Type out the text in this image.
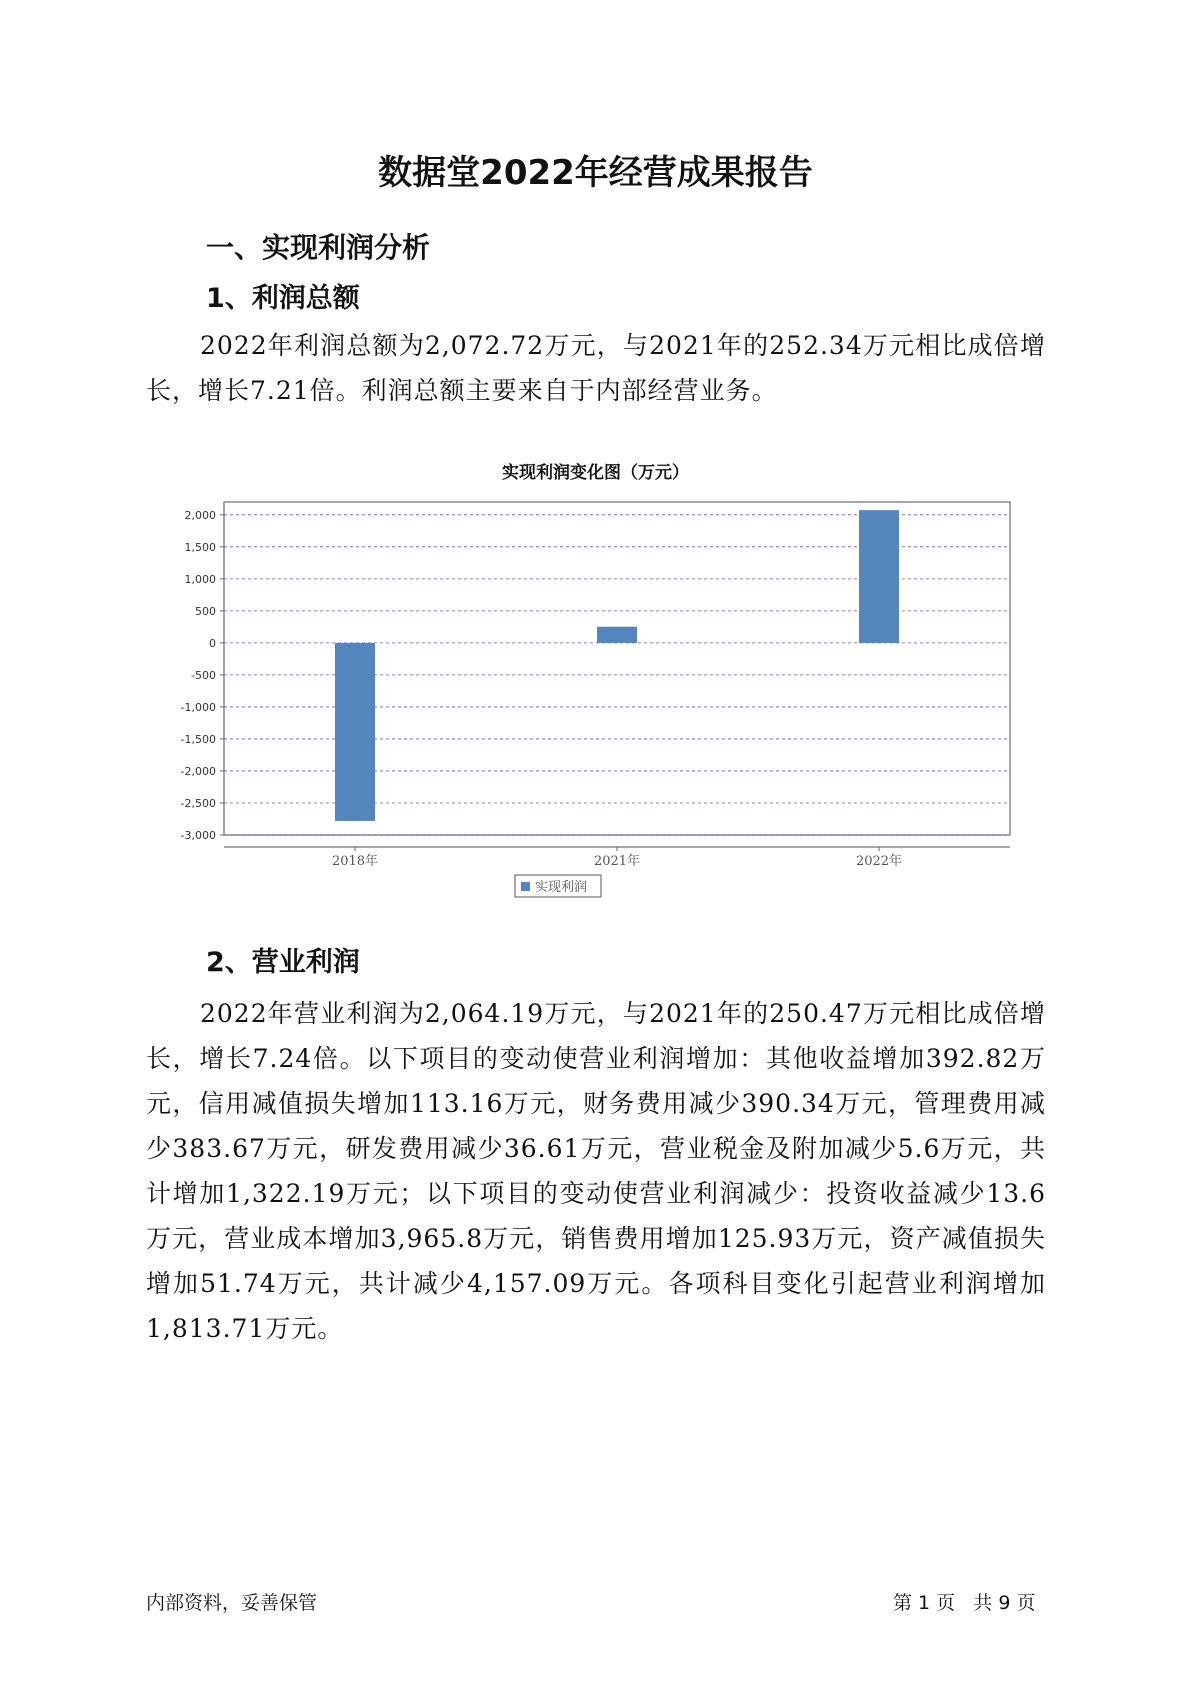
数据堂2022年经营成果报告
一、实现利润分析
1、利润总额
2022年利润总额为2,072.72万元，与2021年的252.34万元相比成倍增长，增长7.21倍。利润总额主要来自于内部经营业务。
实现利润变化图（万元）
2,000
1,500
1,000
500
0
-500
-1,000
-1,500
-2,000
-2,500
-3,000
2018年	2021年	2022年
实现利润
2、营业利润
2022年营业利润为2,064.19万元，与2021年的250.47万元相比成倍增长，增长7.24倍。以下项目的变动使营业利润增加：其他收益增加392.82万元，信用减值损失增加113.16万元，财务费用减少390.34万元，管理费用减少383.67万元，研发费用减少36.61万元，营业税金及附加减少5.6万元，共计增加1,322.19万元；以下项目的变动使营业利润减少：投资收益减少13.6万元，营业成本增加3,965.8万元，销售费用增加125.93万元，资产减值损失增加51.74万元，共计减少4,157.09万元。各项科目变化引起营业利润增加1,813.71万元。
内部资料，妥善保管	第 1 页   共 9 页
